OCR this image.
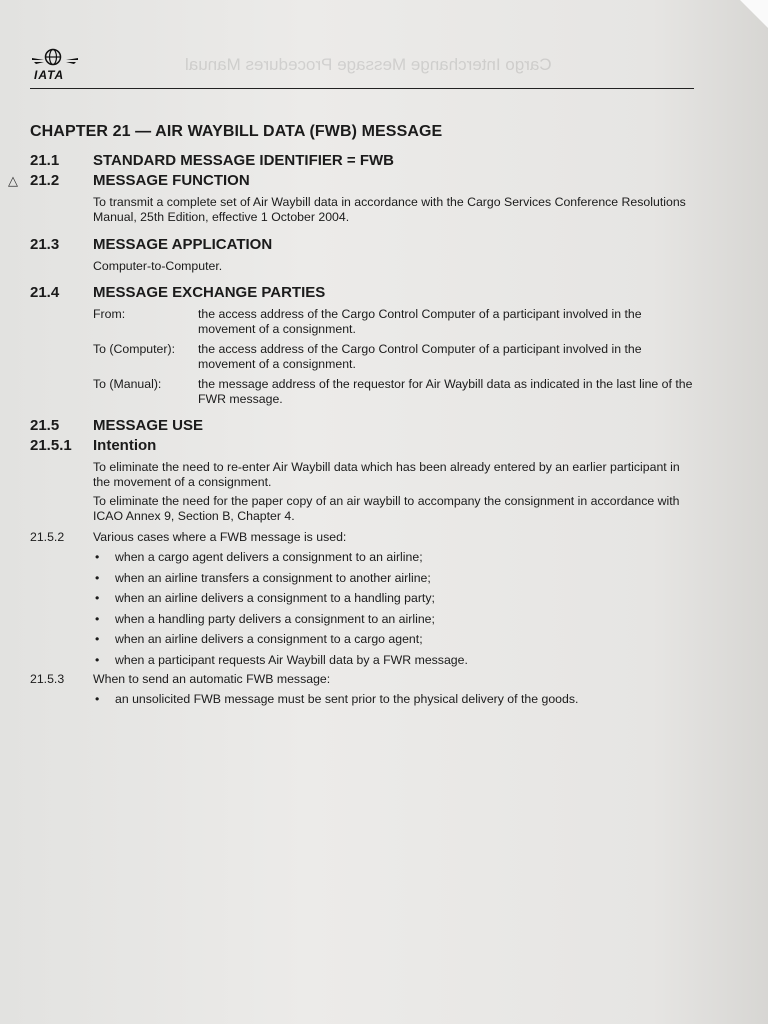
Cargo Interchange Message Procedures Manual
IATA
CHAPTER 21 — AIR WAYBILL DATA (FWB) MESSAGE
21.1 STANDARD MESSAGE IDENTIFIER = FWB
△ 21.2 MESSAGE FUNCTION
To transmit a complete set of Air Waybill data in accordance with the Cargo Services Conference Resolutions Manual, 25th Edition, effective 1 October 2004.
21.3 MESSAGE APPLICATION
Computer-to-Computer.
21.4 MESSAGE EXCHANGE PARTIES
From:	the access address of the Cargo Control Computer of a participant involved in the movement of a consignment.
To (Computer): the access address of the Cargo Control Computer of a participant involved in the movement of a consignment.
To (Manual):	the message address of the requestor for Air Waybill data as indicated in the last line of the FWR message.
21.5 MESSAGE USE
21.5.1 Intention
To eliminate the need to re-enter Air Waybill data which has been already entered by an earlier participant in the movement of a consignment.
To eliminate the need for the paper copy of an air waybill to accompany the consignment in accordance with ICAO Annex 9, Section B, Chapter 4.
21.5.2 Various cases where a FWB message is used:
• when a cargo agent delivers a consignment to an airline;
• when an airline transfers a consignment to another airline;
• when an airline delivers a consignment to a handling party;
• when a handling party delivers a consignment to an airline;
• when an airline delivers a consignment to a cargo agent;
• when a participant requests Air Waybill data by a FWR message.
21.5.3 When to send an automatic FWB message:
• an unsolicited FWB message must be sent prior to the physical delivery of the goods.
